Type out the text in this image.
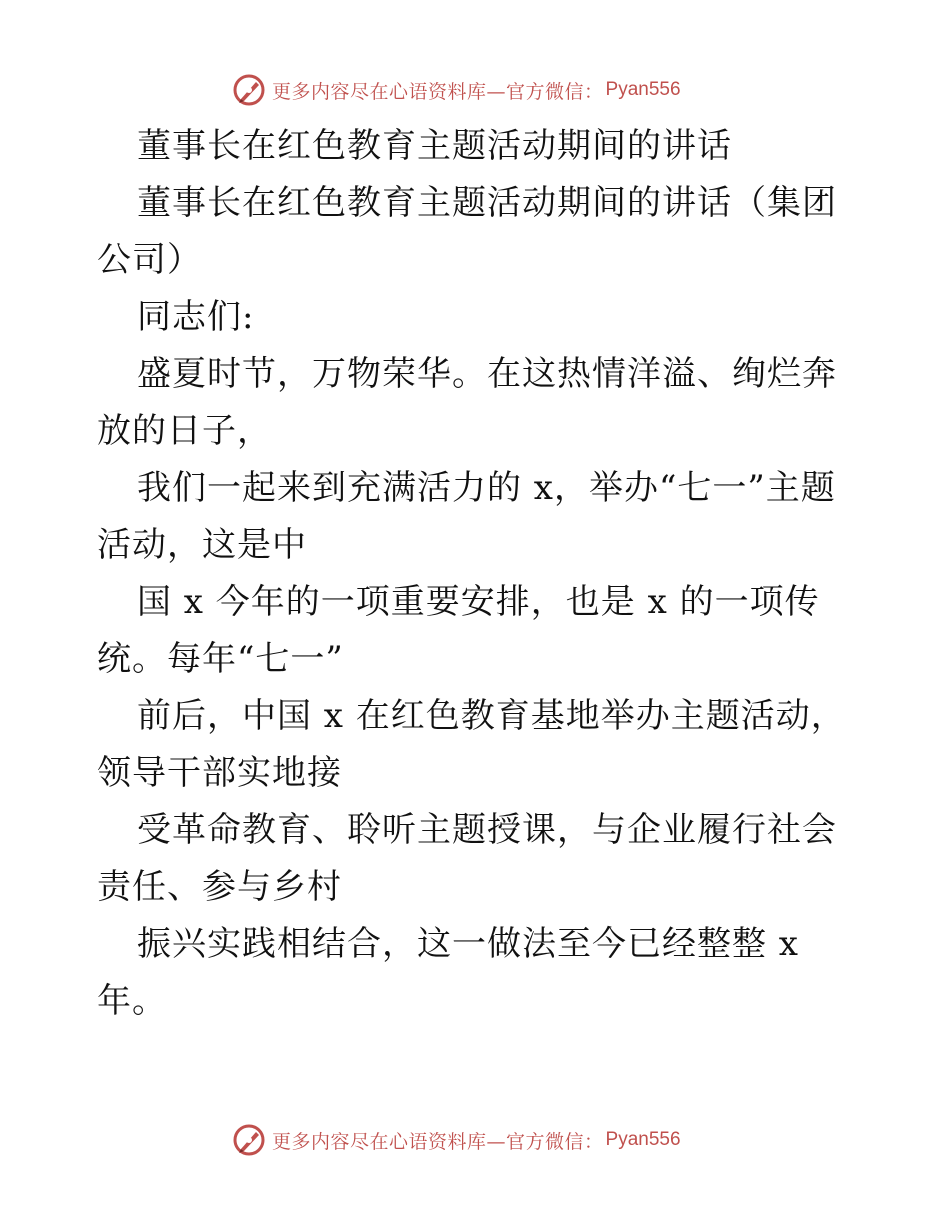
更多内容尽在心语资料库—官方微信： Pyan556

董事长在红色教育主题活动期间的讲话

董事长在红色教育主题活动期间的讲话（集团公司）

同志们:

盛夏时节，万物荣华。在这热情洋溢、绚烂奔放的日子，

我们一起来到充满活力的 x，举办“七一”主题活动，这是中

国 x 今年的一项重要安排，也是 x 的一项传统。每年“七一”

前后，中国 x 在红色教育基地举办主题活动，领导干部实地接

受革命教育、聆听主题授课，与企业履行社会责任、参与乡村

振兴实践相结合，这一做法至今已经整整 x 年。

更多内容尽在心语资料库—官方微信： Pyan556
